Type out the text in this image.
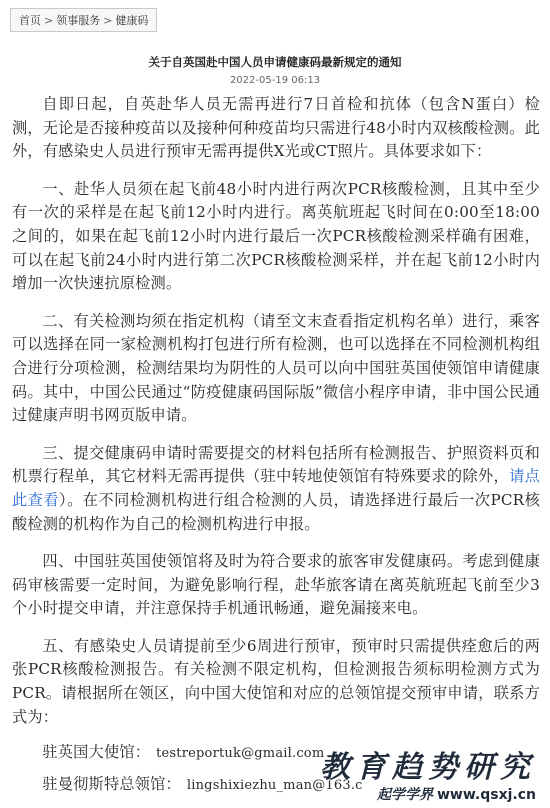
首页 > 领事服务 > 健康码
关于自英国赴中国人员申请健康码最新规定的通知
2022-05-19 06:13

自即日起，自英赴华人员无需再进行7日首检和抗体（包含N蛋白）检测，无论是否接种疫苗以及接种何种疫苗均只需进行48小时内双核酸检测。此外，有感染史人员进行预审无需再提供X光或CT照片。具体要求如下：

一、赴华人员须在起飞前48小时内进行两次PCR核酸检测，且其中至少有一次的采样是在起飞前12小时内进行。离英航班起飞时间在0:00至18:00之间的，如果在起飞前12小时内进行最后一次PCR核酸检测采样确有困难，可以在起飞前24小时内进行第二次PCR核酸检测采样，并在起飞前12小时内增加一次快速抗原检测。

二、有关检测均须在指定机构（请至文末查看指定机构名单）进行，乘客可以选择在同一家检测机构打包进行所有检测，也可以选择在不同检测机构组合进行分项检测，检测结果均为阴性的人员可以向中国驻英国使领馆申请健康码。其中，中国公民通过“防疫健康码国际版”微信小程序申请，非中国公民通过健康声明书网页版申请。

三、提交健康码申请时需要提交的材料包括所有检测报告、护照资料页和机票行程单，其它材料无需再提供（驻中转地使领馆有特殊要求的除外，请点此查看）。在不同检测机构进行组合检测的人员，请选择进行最后一次PCR核酸检测的机构作为自己的检测机构进行申报。

四、中国驻英国使领馆将及时为符合要求的旅客审发健康码。考虑到健康码审核需要一定时间，为避免影响行程，赴华旅客请在离英航班起飞前至少3个小时提交申请，并注意保持手机通讯畅通，避免漏接来电。

五、有感染史人员请提前至少6周进行预审，预审时只需提供痊愈后的两张PCR核酸检测报告。有关检测不限定机构，但检测报告须标明检测方式为PCR。请根据所在领区，向中国大使馆和对应的总领馆提交预审申请，联系方式为：

驻英国大使馆： testreportuk@gmail.com
驻曼彻斯特总领馆： lingshixiezhu_man@163.c
教育趋势研究
起学学界 www.qsxj.cn
